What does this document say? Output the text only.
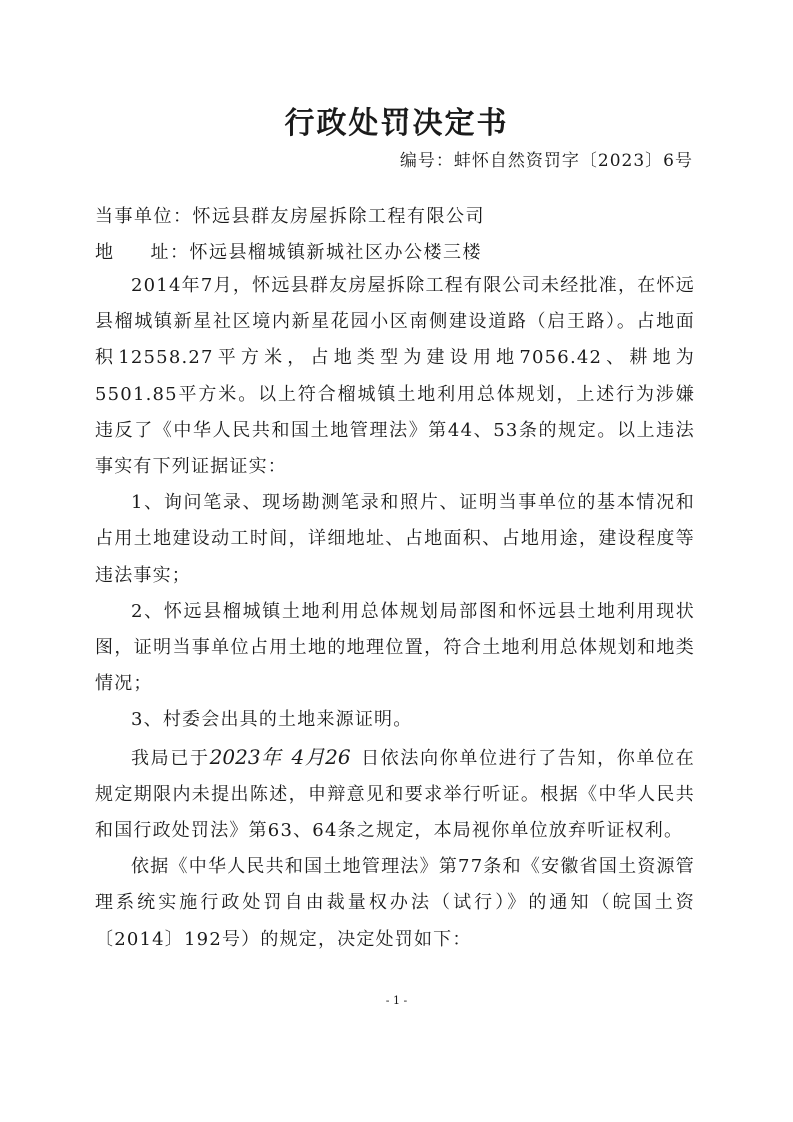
行政处罚决定书
编号：蚌怀自然资罚字〔2023〕6号
当事单位：怀远县群友房屋拆除工程有限公司
地 址：怀远县榴城镇新城社区办公楼三楼

2014年7月，怀远县群友房屋拆除工程有限公司未经批准，在怀远县榴城镇新星社区境内新星花园小区南侧建设道路（启王路）。占地面积12558.27平方米，占地类型为建设用地7056.42、耕地为5501.85平方米。以上符合榴城镇土地利用总体规划，上述行为涉嫌违反了《中华人民共和国土地管理法》第44、53条的规定。以上违法事实有下列证据证实：

1、询问笔录、现场勘测笔录和照片、证明当事单位的基本情况和占用土地建设动工时间，详细地址、占地面积、占地用途，建设程度等违法事实；

2、怀远县榴城镇土地利用总体规划局部图和怀远县土地利用现状图，证明当事单位占用土地的地理位置，符合土地利用总体规划和地类情况；

3、村委会出具的土地来源证明。

我局已于2023年 4月26 日依法向你单位进行了告知，你单位在规定期限内未提出陈述，申辩意见和要求举行听证。根据《中华人民共和国行政处罚法》第63、64条之规定，本局视你单位放弃听证权利。

依据《中华人民共和国土地管理法》第77条和《安徽省国土资源管理系统实施行政处罚自由裁量权办法（试行）》的通知（皖国土资〔2014〕192号）的规定，决定处罚如下：

- 1 -
